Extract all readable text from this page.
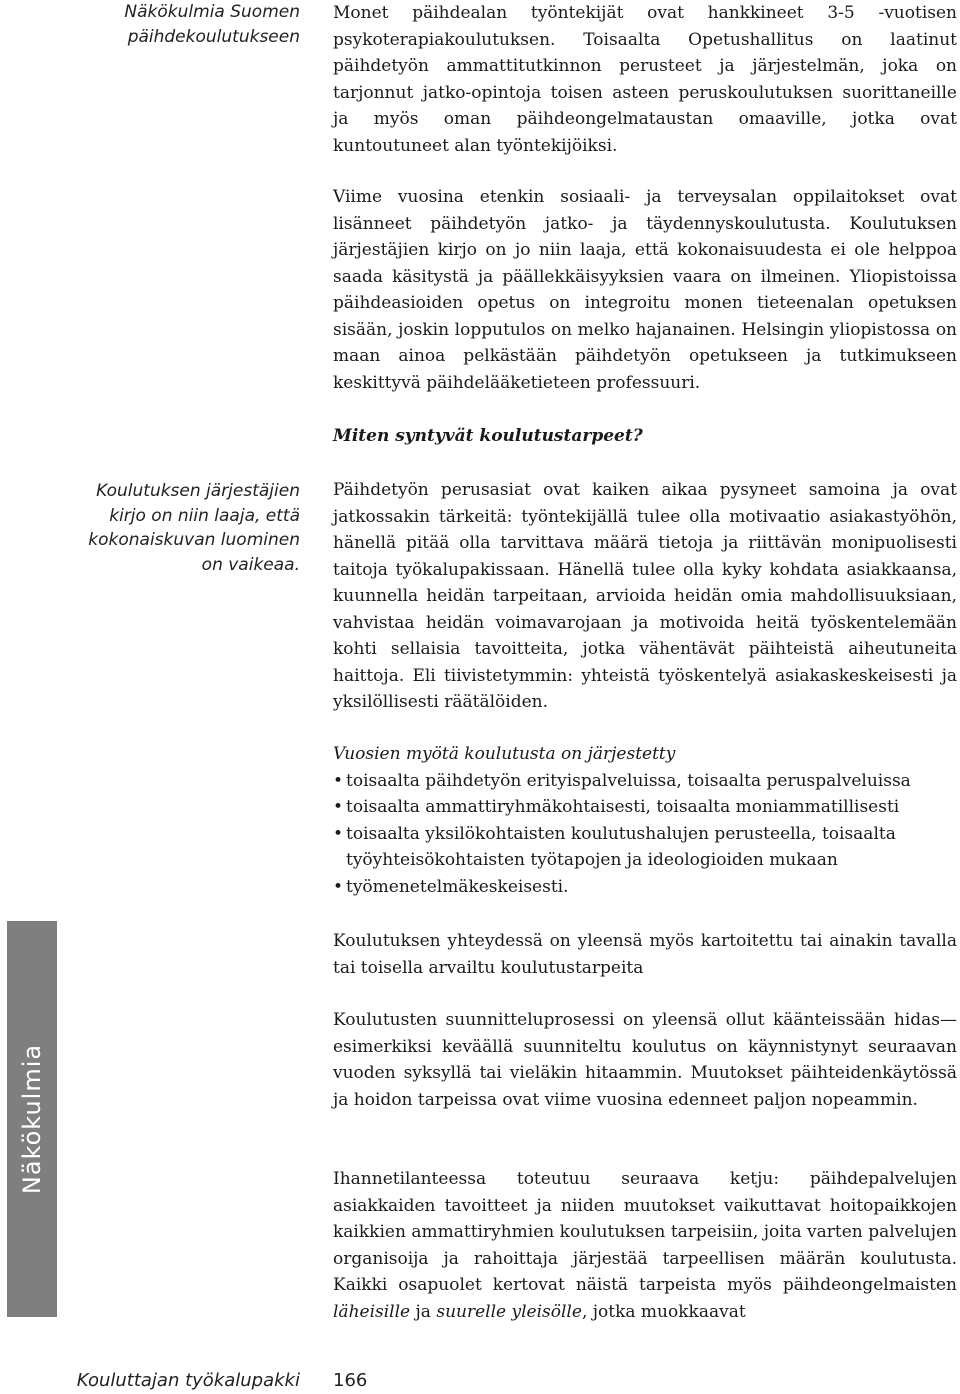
Näkökulmia Suomen päihdekoulutukseen
Koulutuksen järjestäjien kirjo on niin laaja, että kokonaiskuvan luominen on vaikeaa.

Monet päihdealan työntekijät ovat hankkineet 3-5 -vuotisen psykoterapiakoulutuksen. Toisaalta Opetushallitus on laatinut päihdetyön ammattitutkinnon perusteet ja järjestelmän, joka on tarjonnut jatko-opintoja toisen asteen peruskoulutuksen suorittaneille ja myös oman päihdeongelmataustan omaaville, jotka ovat kuntoutuneet alan työntekijöiksi.

Viime vuosina etenkin sosiaali- ja terveysalan oppilaitokset ovat lisänneet päihdetyön jatko- ja täydennyskoulutusta. Koulutuksen järjestäjien kirjo on jo niin laaja, että kokonaisuudesta ei ole helppoa saada käsitystä ja päällekkäisyyksien vaara on ilmeinen. Yliopistoissa päihdeasioiden opetus on integroitu monen tieteenalan opetuksen sisään, joskin lopputulos on melko hajanainen. Helsingin yliopistossa on maan ainoa pelkästään päihdetyön opetukseen ja tutkimukseen keskittyvä päihdelääketieteen professuuri.

Miten syntyvät koulutustarpeet?

Päihdetyön perusasiat ovat kaiken aikaa pysyneet samoina ja ovat jatkossakin tärkeitä: työntekijällä tulee olla motivaatio asiakastyöhön, hänellä pitää olla tarvittava määrä tietoja ja riittävän monipuolisesti taitoja työkalupakissaan. Hänellä tulee olla kyky kohdata asiakkaansa, kuunnella heidän tarpeitaan, arvioida heidän omia mahdollisuuksiaan, vahvistaa heidän voimavarojaan ja motivoida heitä työskentelemään kohti sellaisia tavoitteita, jotka vähentävät päihteistä aiheutuneita haittoja. Eli tiivistetymmin: yhteistä työskentelyä asiakaskeskeisesti ja yksilöllisesti räätälöiden.

Vuosien myötä koulutusta on järjestetty
• toisaalta päihdetyön erityispalveluissa, toisaalta peruspalveluissa
• toisaalta ammattiryhmäkohtaisesti, toisaalta moniammatillisesti
• toisaalta yksilökohtaisten koulutushalujen perusteella, toisaalta työyhteisökohtaisten työtapojen ja ideologioiden mukaan
• työmenetelmäkeskeisesti.

Koulutuksen yhteydessä on yleensä myös kartoitettu tai ainakin tavalla tai toisella arvailtu koulutustarpeita

Koulutusten suunnitteluprosessi on yleensä ollut käänteissään hidas—esimerkiksi keväällä suunniteltu koulutus on käynnistynyt seuraavan vuoden syksyllä tai vieläkin hitaammin. Muutokset päihteidenkäytössä ja hoidon tarpeissa ovat viime vuosina edenneet paljon nopeammin.

Ihannetilanteessa toteutuu seuraava ketju: päihdepalvelujen asiakkaiden tavoitteet ja niiden muutokset vaikuttavat hoitopaikkojen kaikkien ammattiryhmien koulutuksen tarpeisiin, joita varten palvelujen organisoija ja rahoittaja järjestää tarpeellisen määrän koulutusta. Kaikki osapuolet kertovat näistä tarpeista myös päihdeongelmaisten läheisille ja suurelle yleisölle, jotka muokkaavat

Näkökulmia
Kouluttajan työkalupakki 166
